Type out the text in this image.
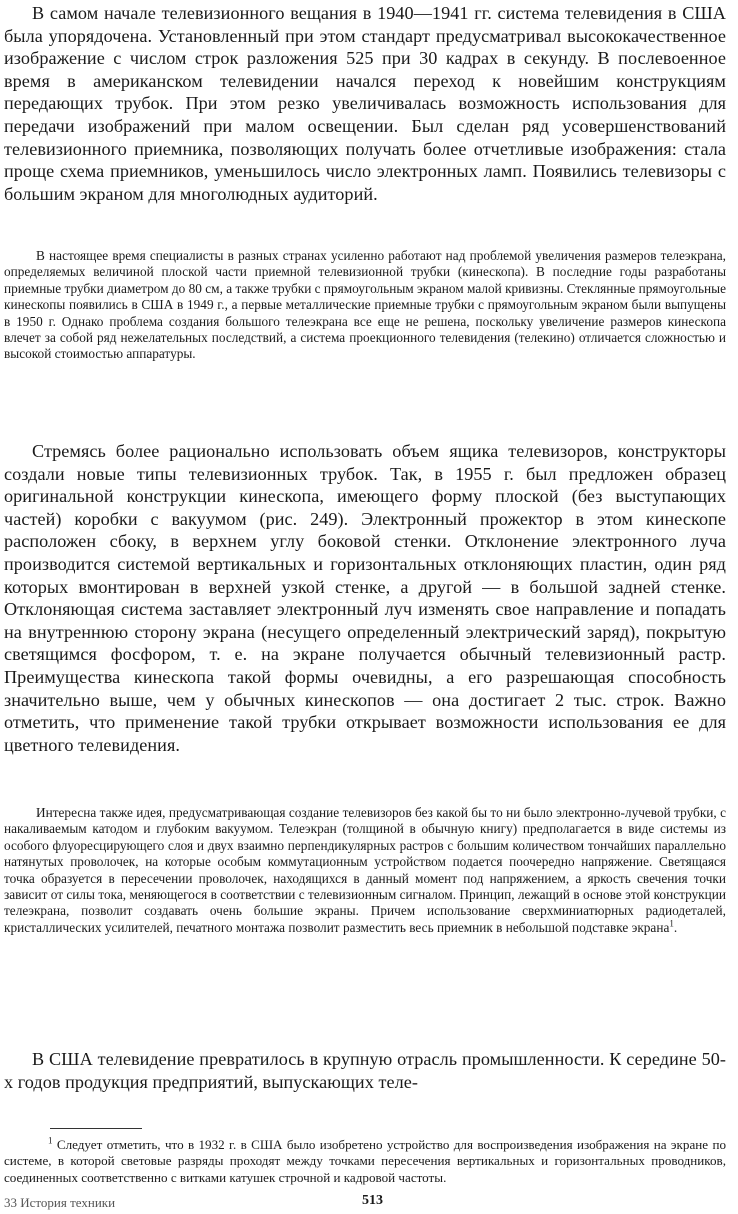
В самом начале телевизионного вещания в 1940—1941 гг. система телевидения в США была упорядочена. Установленный при этом стандарт предусматривал высококачественное изображение с числом строк разложения 525 при 30 кадрах в секунду. В послевоенное время в американском телевидении начался переход к новейшим конструкциям передающих трубок. При этом резко увеличивалась возможность использования для передачи изображений при малом освещении. Был сделан ряд усовершенствований телевизионного приемника, позволяющих получать более отчетливые изображения: стала проще схема приемников, уменьшилось число электронных ламп. Появились телевизоры с большим экраном для многолюдных аудиторий.

В настоящее время специалисты в разных странах усиленно работают над проблемой увеличения размеров телеэкрана, определяемых величиной плоской части приемной телевизионной трубки (кинескопа). В последние годы разработаны приемные трубки диаметром до 80 см, а также трубки с прямоугольным экраном малой кривизны. Стеклянные прямоугольные кинескопы появились в США в 1949 г., а первые металлические приемные трубки с прямоугольным экраном были выпущены в 1950 г. Однако проблема создания большого телеэкрана все еще не решена, поскольку увеличение размеров кинескопа влечет за собой ряд нежелательных последствий, а система проекционного телевидения (телекино) отличается сложностью и высокой стоимостью аппаратуры.

Стремясь более рационально использовать объем ящика телевизоров, конструкторы создали новые типы телевизионных трубок. Так, в 1955 г. был предложен образец оригинальной конструкции кинескопа, имеющего форму плоской (без выступающих частей) коробки с вакуумом (рис. 249). Электронный прожектор в этом кинескопе расположен сбоку, в верхнем углу боковой стенки. Отклонение электронного луча производится системой вертикальных и горизонтальных отклоняющих пластин, один ряд которых вмонтирован в верхней узкой стенке, а другой — в большой задней стенке. Отклоняющая система заставляет электронный луч изменять свое направление и попадать на внутреннюю сторону экрана (несущего определенный электрический заряд), покрытую светящимся фосфором, т. е. на экране получается обычный телевизионный растр. Преимущества кинескопа такой формы очевидны, а его разрешающая способность значительно выше, чем у обычных кинескопов — она достигает 2 тыс. строк. Важно отметить, что применение такой трубки открывает возможности использования ее для цветного телевидения.

Интересна также идея, предусматривающая создание телевизоров без какой бы то ни было электронно-лучевой трубки, с накаливаемым катодом и глубоким вакуумом. Телеэкран (толщиной в обычную книгу) предполагается в виде системы из особого флуоресцирующего слоя и двух взаимно перпендикулярных растров с большим количеством тончайших параллельно натянутых проволочек, на которые особым коммутационным устройством подается поочередно напряжение. Светящаяся точка образуется в пересечении проволочек, находящихся в данный момент под напряжением, а яркость свечения точки зависит от силы тока, меняющегося в соответствии с телевизионным сигналом. Принцип, лежащий в основе этой конструкции телеэкрана, позволит создавать очень большие экраны. Причем использование сверхминиатюрных радиодеталей, кристаллических усилителей, печатного монтажа позволит разместить весь приемник в небольшой подставке экрана$^1$.

В США телевидение превратилось в крупную отрасль промышленности. К середине 50-х годов продукция предприятий, выпускающих теле-

$^1$ Следует отметить, что в 1932 г. в США было изобретено устройство для воспроизведения изображения на экране по системе, в которой световые разряды проходят между точками пересечения вертикальных и горизонтальных проводников, соединенных соответственно с витками катушек строчной и кадровой частоты.

33 История техники	513
